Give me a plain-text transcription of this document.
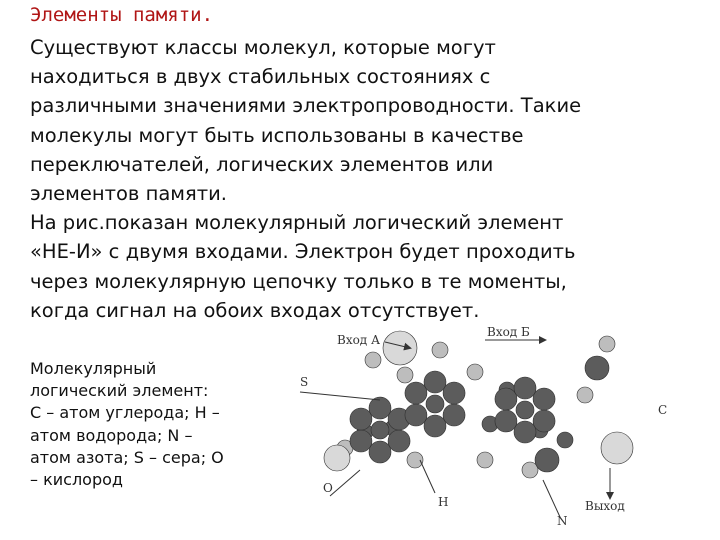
Элементы памяти.

Существуют классы молекул, которые могут
находиться в двух стабильных состояниях с
различными значениями электропроводности. Такие
молекулы могут быть использованы в качестве
переключателей, логических элементов или
элементов памяти.

На рис.показан молекулярный логический элемент
«НЕ-И» с двумя входами. Электрон будет проходить
через молекулярную цепочку только в те моменты,
когда сигнал на обоих входах отсутствует.

Молекулярный
логический элемент:
С – атом углерода; Н –
атом водорода; N –
атом азота; S – сера; О
– кислород
Вход А
Вход Б
S
C
O
H
N
Выход
